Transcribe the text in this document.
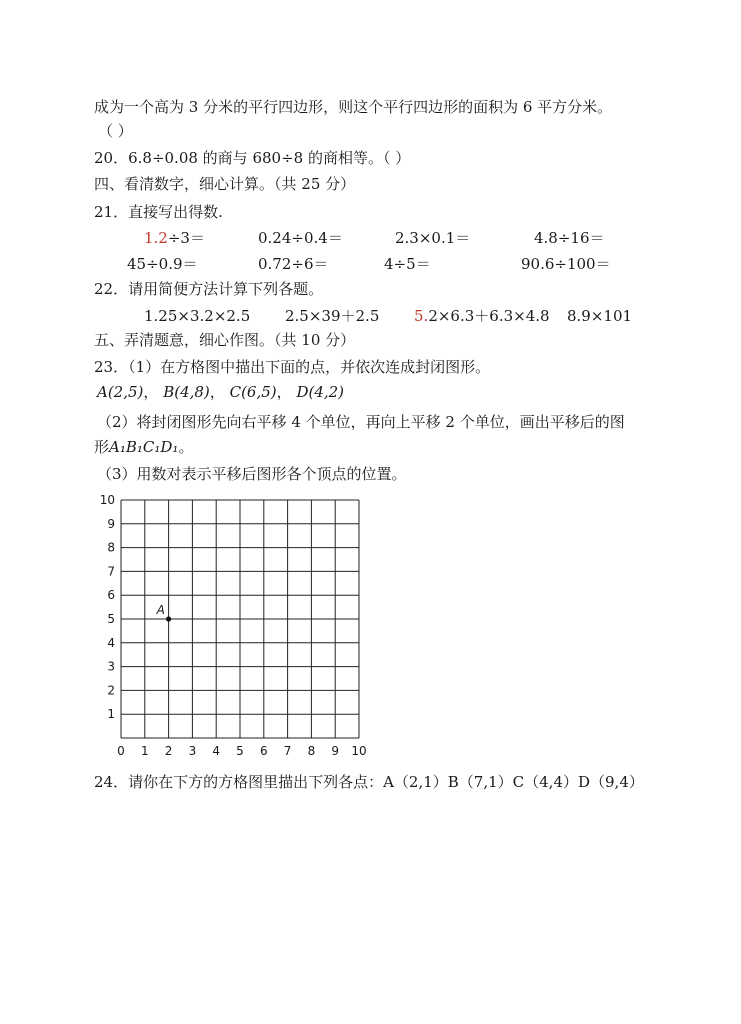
成为一个高为 3 分米的平行四边形，则这个平行四边形的面积为 6 平方分米。
（ ）
20．6.8÷0.08 的商与 680÷8 的商相等。（ ）
四、看清数字，细心计算。（共 25 分）
21．直接写出得数.
1.2÷3＝	0.24÷0.4＝	2.3×0.1＝	4.8÷16＝
45÷0.9＝	0.72÷6＝	4÷5＝	90.6÷100＝
22．请用简便方法计算下列各题。
1.25×3.2×2.5 2.5×39＋2.5 5.2×6.3＋6.3×4.8 8.9×101
五、弄清题意，细心作图。（共 10 分）
23．（1）在方格图中描出下面的点，并依次连成封闭图形。
A(2,5)， B(4,8)， C(6,5)， D(4,2)
（2）将封闭图形先向右平移 4 个单位，再向上平移 2 个单位，画出平移后的图
形A₁B₁C₁D₁。
（3）用数对表示平移后图形各个顶点的位置。
0 1 2 3 4 5 6 7 8 9 10
1
2
3
4
5
6
7
8
9
10
A
24．请你在下方的方格图里描出下列各点：A（2,1）B（7,1）C（4,4）D（9,4）
